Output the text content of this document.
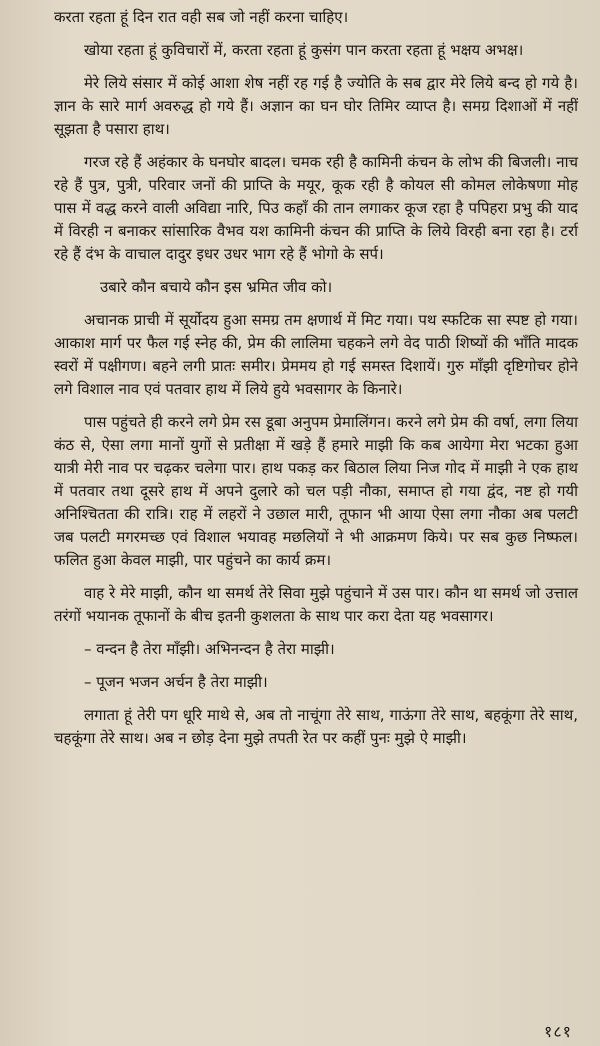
करता रहता हूं दिन रात वही सब जो नहीं करना चाहिए।

खोया रहता हूं कुविचारों में, करता रहता हूं कुसंग पान करता रहता हूं भक्षय अभक्ष।

मेरे लिये संसार में कोई आशा शेष नहीं रह गई है ज्योति के सब द्वार मेरे लिये बन्द हो गये है। ज्ञान के सारे मार्ग अवरुद्ध हो गये हैं। अज्ञान का घन घोर तिमिर व्याप्त है। समग्र दिशाओं में नहीं सूझता है पसारा हाथ।

गरज रहे हैं अहंकार के घनघोर बादल। चमक रही है कामिनी कंचन के लोभ की बिजली। नाच रहे हैं पुत्र, पुत्री, परिवार जनों की प्राप्ति के मयूर, कूक रही है कोयल सी कोमल लोकेषणा मोह पास में वद्ध करने वाली अविद्या नारि, पिउ कहाँ की तान लगाकर कूज रहा है पपिहरा प्रभु की याद में विरही न बनाकर सांसारिक वैभव यश कामिनी कंचन की प्राप्ति के लिये विरही बना रहा है। टर्रा रहे हैं दंभ के वाचाल दादुर इधर उधर भाग रहे हैं भोगो के सर्प।

उबारे कौन बचाये कौन इस भ्रमित जीव को।

अचानक प्राची में सूर्योदय हुआ समग्र तम क्षणार्थ में मिट गया। पथ स्फटिक सा स्पष्ट हो गया। आकाश मार्ग पर फैल गई स्नेह की, प्रेम की लालिमा चहकने लगे वेद पाठी शिष्यों की भाँति मादक स्वरों में पक्षीगण। बहने लगी प्रातः समीर। प्रेममय हो गई समस्त दिशायें। गुरु माँझी दृष्टिगोचर होने लगे विशाल नाव एवं पतवार हाथ में लिये हुये भवसागर के किनारे।

पास पहुंचते ही करने लगे प्रेम रस डूबा अनुपम प्रेमालिंगन। करने लगे प्रेम की वर्षा, लगा लिया कंठ से, ऐसा लगा मानों युगों से प्रतीक्षा में खड़े हैं हमारे माझी कि कब आयेगा मेरा भटका हुआ यात्री मेरी नाव पर चढ़कर चलेगा पार। हाथ पकड़ कर बिठाल लिया निज गोद में माझी ने एक हाथ में पतवार तथा दूसरे हाथ में अपने दुलारे को चल पड़ी नौका, समाप्त हो गया द्वंद, नष्ट हो गयी अनिश्चितता की रात्रि। राह में लहरों ने उछाल मारी, तूफान भी आया ऐसा लगा नौका अब पलटी जब पलटी मगरमच्छ एवं विशाल भयावह मछलियों ने भी आक्रमण किये। पर सब कुछ निष्फल। फलित हुआ केवल माझी, पार पहुंचने का कार्य क्रम।

वाह रे मेरे माझी, कौन था समर्थ तेरे सिवा मुझे पहुंचाने में उस पार। कौन था समर्थ जो उत्ताल तरंगों भयानक तूफानों के बीच इतनी कुशलता के साथ पार करा देता यह भवसागर।

– वन्दन है तेरा माँझी। अभिनन्दन है तेरा माझी।

– पूजन भजन अर्चन है तेरा माझी।

लगाता हूं तेरी पग धूरि माथे से, अब तो नाचूंगा तेरे साथ, गाऊंगा तेरे साथ, बहकूंगा तेरे साथ, चहकूंगा तेरे साथ। अब न छोड़ देना मुझे तपती रेत पर कहीं पुनः मुझे ऐ माझी।

१८१
